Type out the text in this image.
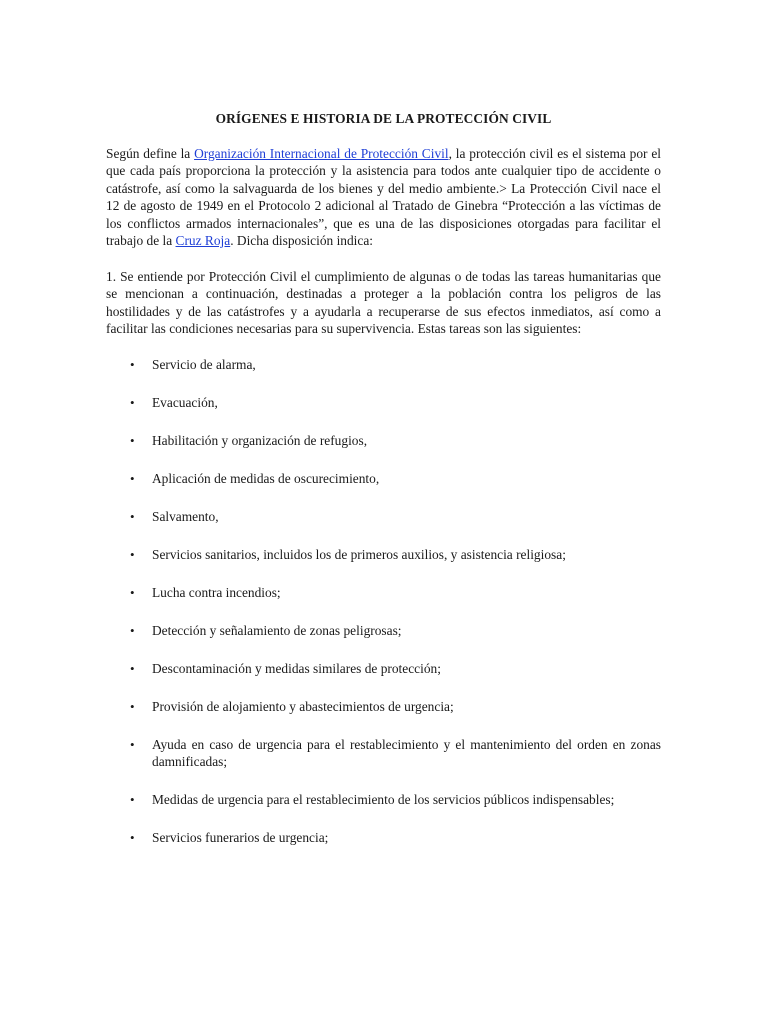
ORÍGENES E HISTORIA DE LA PROTECCIÓN CIVIL

Según define la Organización Internacional de Protección Civil, la protección civil es el sistema por el que cada país proporciona la protección y la asistencia para todos ante cualquier tipo de accidente o catástrofe, así como la salvaguarda de los bienes y del medio ambiente.> La Protección Civil nace el 12 de agosto de 1949 en el Protocolo 2 adicional al Tratado de Ginebra “Protección a las víctimas de los conflictos armados internacionales”, que es una de las disposiciones otorgadas para facilitar el trabajo de la Cruz Roja. Dicha disposición indica:

1. Se entiende por Protección Civil el cumplimiento de algunas o de todas las tareas humanitarias que se mencionan a continuación, destinadas a proteger a la población contra los peligros de las hostilidades y de las catástrofes y a ayudarla a recuperarse de sus efectos inmediatos, así como a facilitar las condiciones necesarias para su supervivencia. Estas tareas son las siguientes:

• Servicio de alarma,
• Evacuación,
• Habilitación y organización de refugios,
• Aplicación de medidas de oscurecimiento,
• Salvamento,
• Servicios sanitarios, incluidos los de primeros auxilios, y asistencia religiosa;
• Lucha contra incendios;
• Detección y señalamiento de zonas peligrosas;
• Descontaminación y medidas similares de protección;
• Provisión de alojamiento y abastecimientos de urgencia;
• Ayuda en caso de urgencia para el restablecimiento y el mantenimiento del orden en zonas damnificadas;
• Medidas de urgencia para el restablecimiento de los servicios públicos indispensables;
• Servicios funerarios de urgencia;
